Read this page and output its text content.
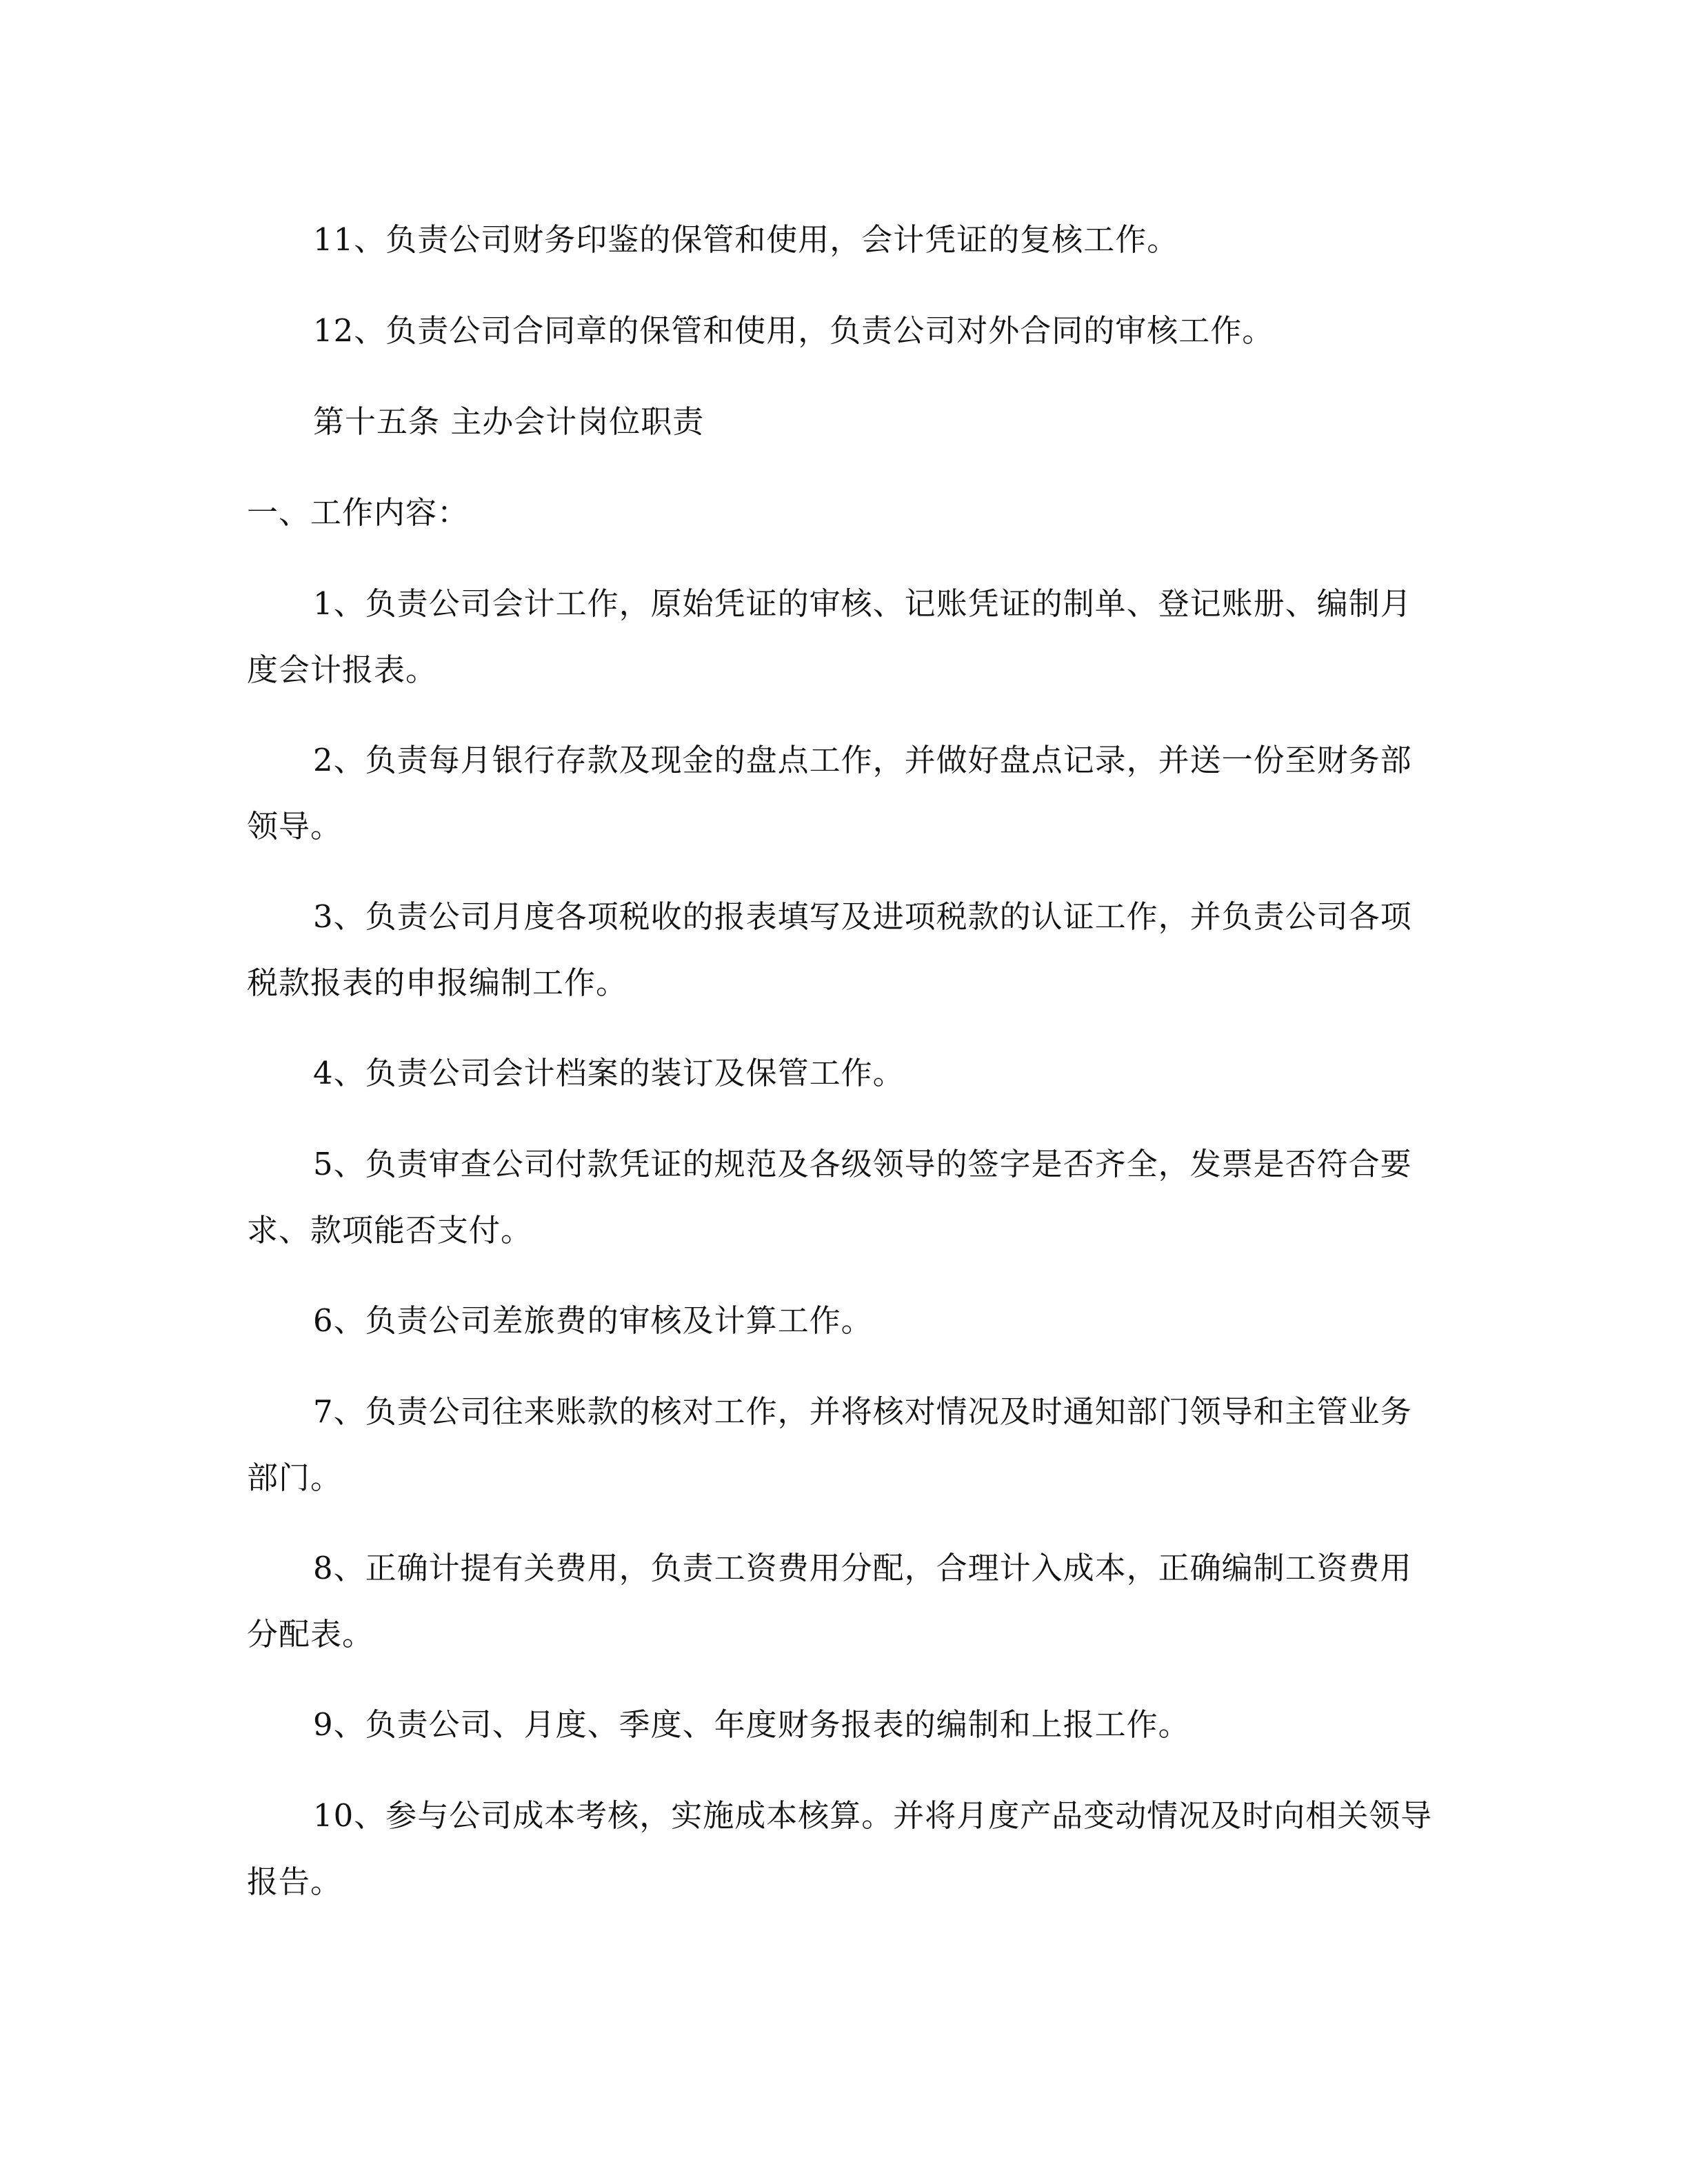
11、负责公司财务印鉴的保管和使用，会计凭证的复核工作。

12、负责公司合同章的保管和使用，负责公司对外合同的审核工作。

第十五条 主办会计岗位职责

一、工作内容：

1、负责公司会计工作，原始凭证的审核、记账凭证的制单、登记账册、编制月度会计报表。

2、负责每月银行存款及现金的盘点工作，并做好盘点记录，并送一份至财务部领导。

3、负责公司月度各项税收的报表填写及进项税款的认证工作，并负责公司各项税款报表的申报编制工作。

4、负责公司会计档案的装订及保管工作。

5、负责审查公司付款凭证的规范及各级领导的签字是否齐全，发票是否符合要求、款项能否支付。

6、负责公司差旅费的审核及计算工作。

7、负责公司往来账款的核对工作，并将核对情况及时通知部门领导和主管业务部门。

8、正确计提有关费用，负责工资费用分配，合理计入成本，正确编制工资费用分配表。

9、负责公司、月度、季度、年度财务报表的编制和上报工作。

10、参与公司成本考核，实施成本核算。并将月度产品变动情况及时向相关领导报告。
